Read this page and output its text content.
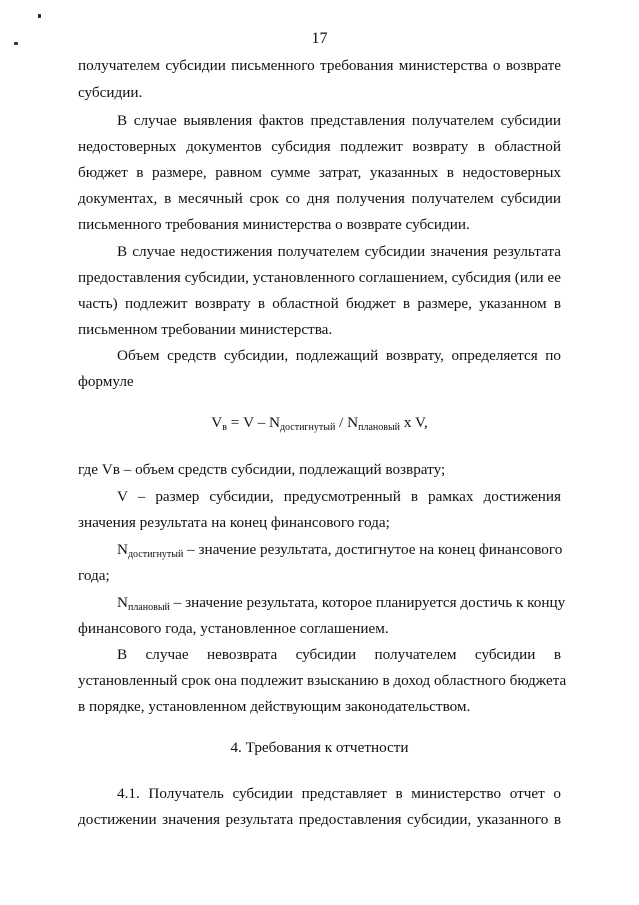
17
получателем субсидии письменного требования министерства о возврате
субсидии.
В случае выявления фактов представления получателем субсидии
недостоверных документов субсидия подлежит возврату в областной
бюджет в размере, равном сумме затрат, указанных в недостоверных
документах, в месячный срок со дня получения получателем субсидии
письменного требования министерства о возврате субсидии.
В случае недостижения получателем субсидии значения результата
предоставления субсидии, установленного соглашением, субсидия (или ее
часть) подлежит возврату в областной бюджет в размере, указанном в
письменном требовании министерства.
Объем средств субсидии, подлежащий возврату, определяется по
формуле
Vв = V – Nдостигнутый / Nплановый x V,
где Vв – объем средств субсидии, подлежащий возврату;
V – размер субсидии, предусмотренный в рамках достижения
значения результата на конец финансового года;
Nдостигнутый – значение результата, достигнутое на конец финансового
года;
Nплановый – значение результата, которое планируется достичь к концу
финансового года, установленное соглашением.
В случае невозврата субсидии получателем субсидии в
установленный срок она подлежит взысканию в доход областного бюджета
в порядке, установленном действующим законодательством.
4. Требования к отчетности
4.1. Получатель субсидии представляет в министерство отчет о
достижении значения результата предоставления субсидии, указанного в
